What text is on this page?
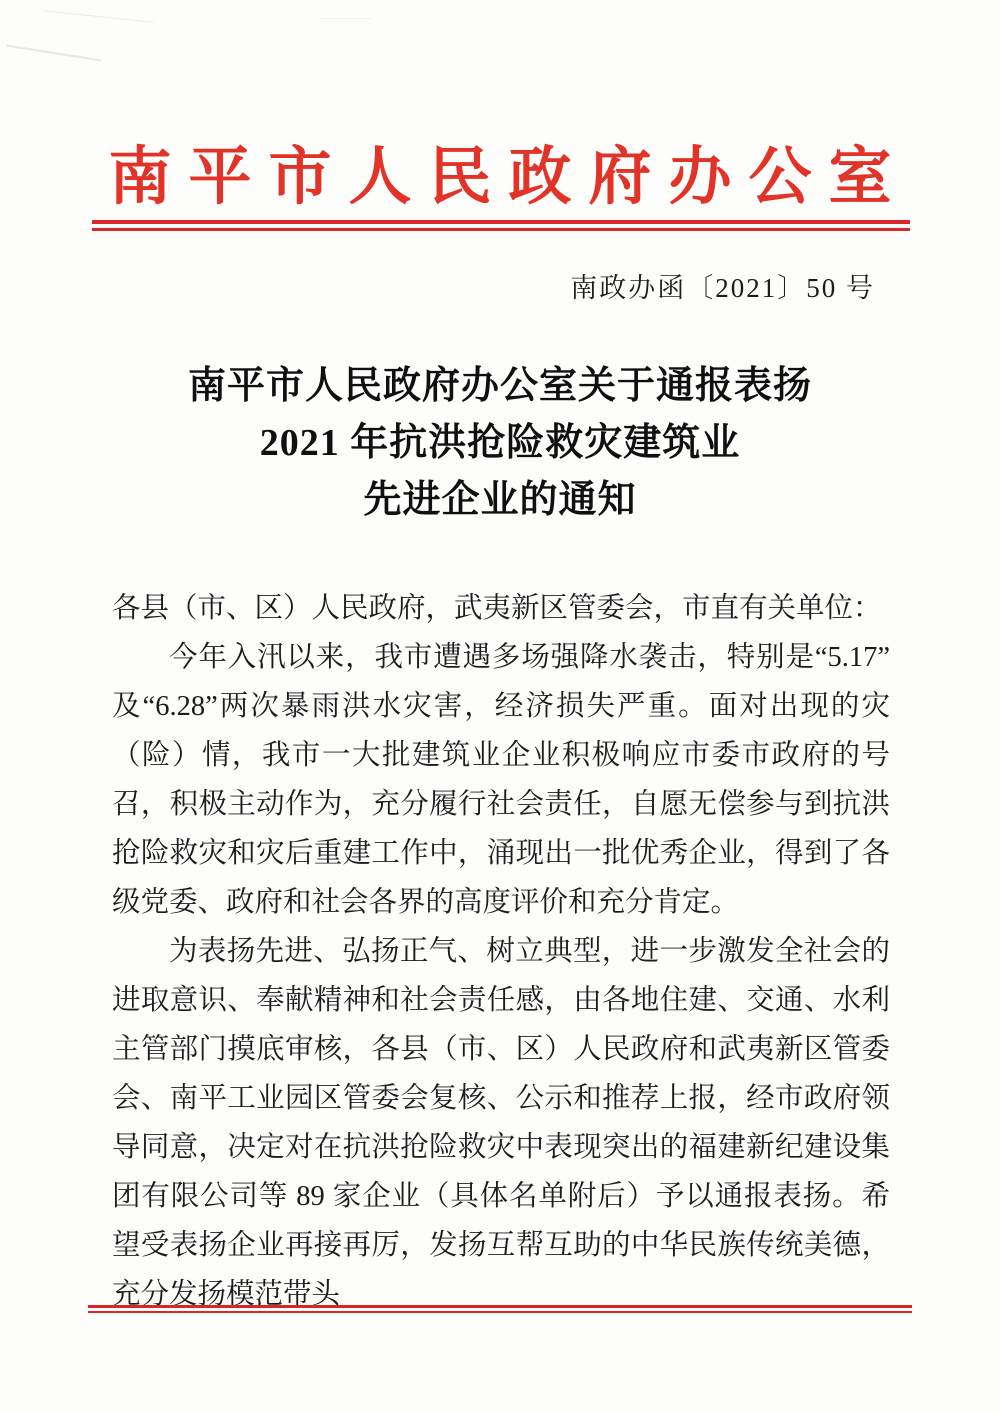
南平市人民政府办公室
南政办函〔2021〕50 号
南平市人民政府办公室关于通报表扬
2021 年抗洪抢险救灾建筑业
先进企业的通知

各县（市、区）人民政府，武夷新区管委会，市直有关单位：

今年入汛以来，我市遭遇多场强降水袭击，特别是“5.17”及“6.28”两次暴雨洪水灾害，经济损失严重。面对出现的灾（险）情，我市一大批建筑业企业积极响应市委市政府的号召，积极主动作为，充分履行社会责任，自愿无偿参与到抗洪抢险救灾和灾后重建工作中，涌现出一批优秀企业，得到了各级党委、政府和社会各界的高度评价和充分肯定。

为表扬先进、弘扬正气、树立典型，进一步激发全社会的进取意识、奉献精神和社会责任感，由各地住建、交通、水利主管部门摸底审核，各县（市、区）人民政府和武夷新区管委会、南平工业园区管委会复核、公示和推荐上报，经市政府领导同意，决定对在抗洪抢险救灾中表现突出的福建新纪建设集团有限公司等 89 家企业（具体名单附后）予以通报表扬。希望受表扬企业再接再厉，发扬互帮互助的中华民族传统美德，充分发扬模范带头
